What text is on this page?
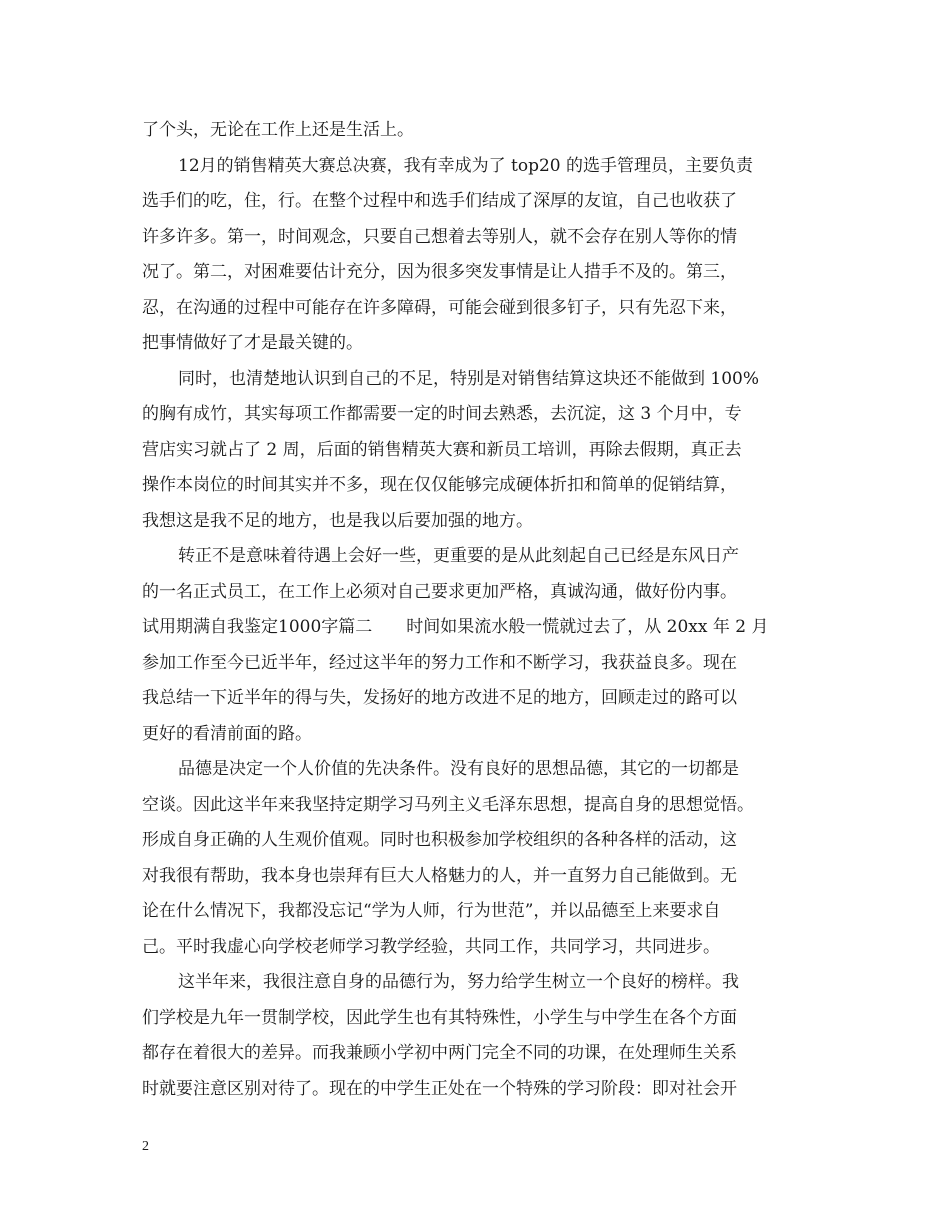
了个头，无论在工作上还是生活上。
12月的销售精英大赛总决赛，我有幸成为了 top20 的选手管理员，主要负责
选手们的吃，住，行。在整个过程中和选手们结成了深厚的友谊，自己也收获了
许多许多。第一，时间观念，只要自己想着去等别人，就不会存在别人等你的情
况了。第二，对困难要估计充分，因为很多突发事情是让人措手不及的。第三，
忍，在沟通的过程中可能存在许多障碍，可能会碰到很多钉子，只有先忍下来，
把事情做好了才是最关键的。
同时，也清楚地认识到自己的不足，特别是对销售结算这块还不能做到 100%
的胸有成竹，其实每项工作都需要一定的时间去熟悉，去沉淀，这 3 个月中，专
营店实习就占了 2 周，后面的销售精英大赛和新员工培训，再除去假期，真正去
操作本岗位的时间其实并不多，现在仅仅能够完成硬体折扣和简单的促销结算，
我想这是我不足的地方，也是我以后要加强的地方。
转正不是意味着待遇上会好一些，更重要的是从此刻起自己已经是东风日产
的一名正式员工，在工作上必须对自己要求更加严格，真诚沟通，做好份内事。
试用期满自我鉴定1000字篇二　　时间如果流水般一慌就过去了，从 20xx 年 2 月
参加工作至今已近半年，经过这半年的努力工作和不断学习，我获益良多。现在
我总结一下近半年的得与失，发扬好的地方改进不足的地方，回顾走过的路可以
更好的看清前面的路。
品德是决定一个人价值的先决条件。没有良好的思想品德，其它的一切都是
空谈。因此这半年来我坚持定期学习马列主义毛泽东思想，提高自身的思想觉悟。
形成自身正确的人生观价值观。同时也积极参加学校组织的各种各样的活动，这
对我很有帮助，我本身也崇拜有巨大人格魅力的人，并一直努力自己能做到。无
论在什么情况下，我都没忘记“学为人师，行为世范”，并以品德至上来要求自
己。平时我虚心向学校老师学习教学经验，共同工作，共同学习，共同进步。
这半年来，我很注意自身的品德行为，努力给学生树立一个良好的榜样。我
们学校是九年一贯制学校，因此学生也有其特殊性，小学生与中学生在各个方面
都存在着很大的差异。而我兼顾小学初中两门完全不同的功课，在处理师生关系
时就要注意区别对待了。现在的中学生正处在一个特殊的学习阶段：即对社会开
2
